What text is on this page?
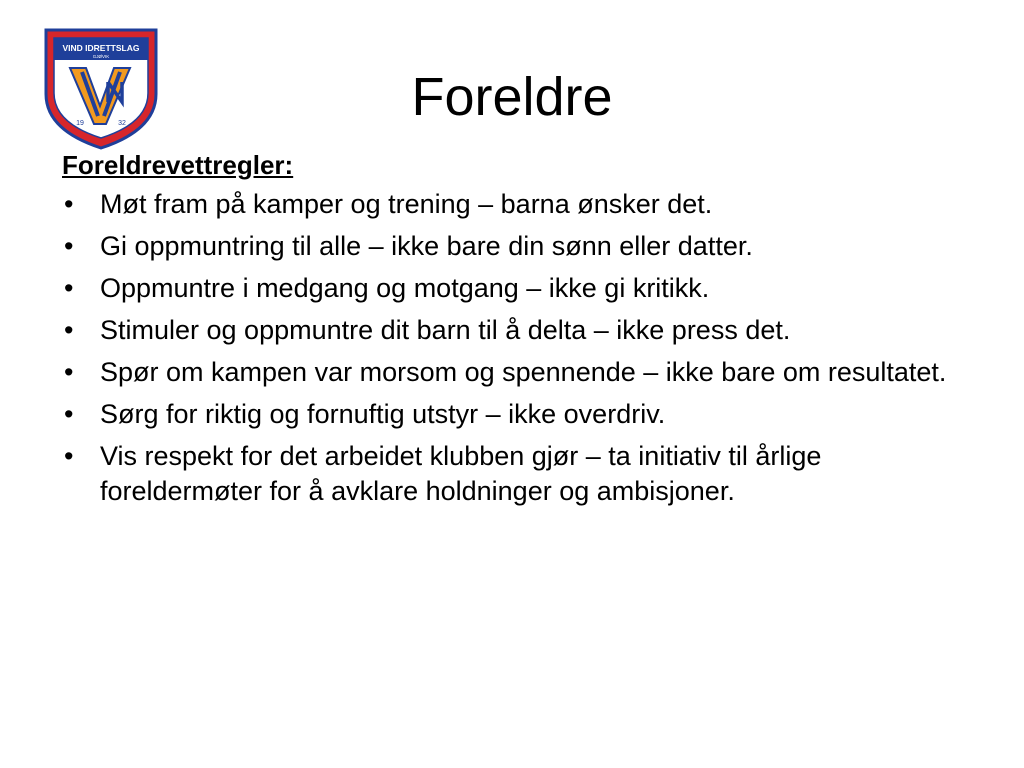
VIND IDRETTSLAG
GJØVIK
19	32	Foreldre
Foreldrevettregler:
• Møt fram på kamper og trening – barna ønsker det.
• Gi oppmuntring til alle – ikke bare din sønn eller datter.
• Oppmuntre i medgang og motgang – ikke gi kritikk.
• Stimuler og oppmuntre dit barn til å delta – ikke press det.
• Spør om kampen var morsom og spennende – ikke bare om resultatet.
• Sørg for riktig og fornuftig utstyr – ikke overdriv.
• Vis respekt for det arbeidet klubben gjør – ta initiativ til årlige foreldermøter for å avklare holdninger og ambisjoner.
